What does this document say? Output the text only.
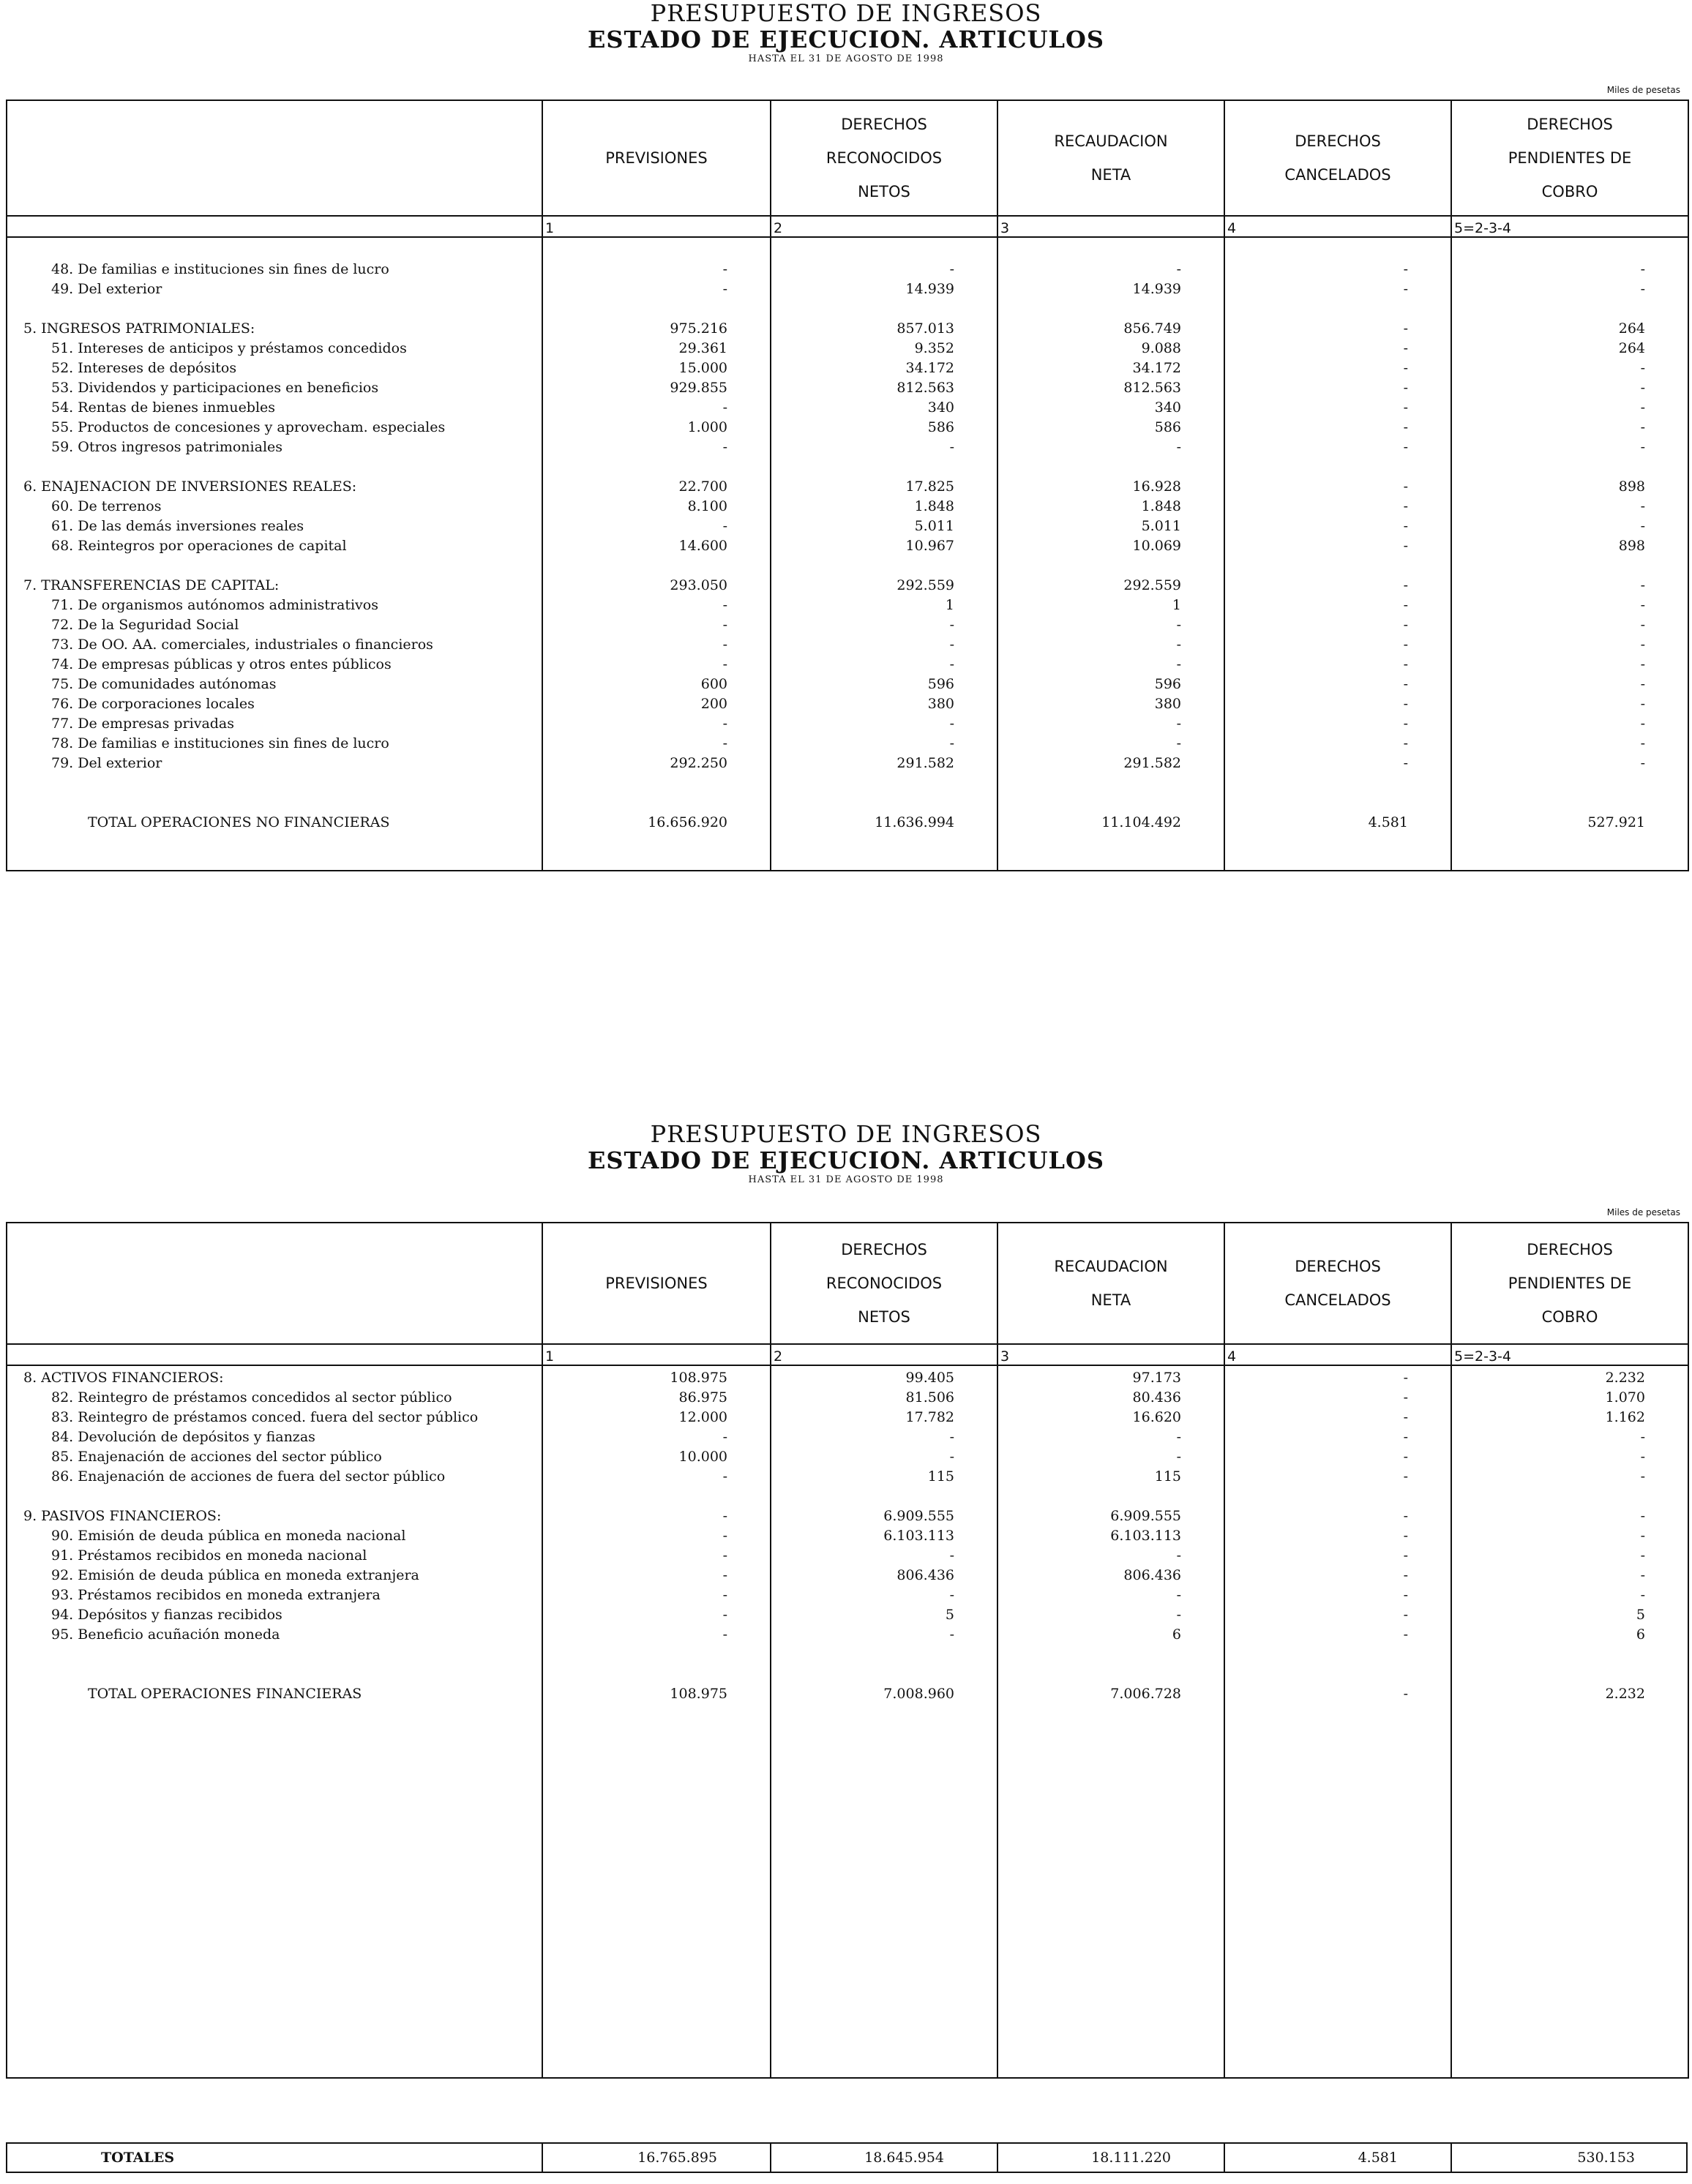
PRESUPUESTO DE INGRESOS
ESTADO DE EJECUCION. ARTICULOS
HASTA EL 31 DE AGOSTO DE 1998
Miles de pesetas
	PREVISIONES	DERECHOS RECONOCIDOS NETOS	RECAUDACION NETA	DERECHOS CANCELADOS	DERECHOS PENDIENTES DE COBRO

	1	2	3	4	5=2-3-4

48. De familias e instituciones sin fines de lucro	-	-	-	-	-
49. Del exterior	-	14.939	14.939	-	-

5. INGRESOS PATRIMONIALES:	975.216	857.013	856.749	-	264
51. Intereses de anticipos y préstamos concedidos	29.361	9.352	9.088	-	264
52. Intereses de depósitos	15.000	34.172	34.172	-	-
53. Dividendos y participaciones en beneficios	929.855	812.563	812.563	-	-
54. Rentas de bienes inmuebles	-	340	340	-	-
55. Productos de concesiones y aprovecham. especiales	1.000	586	586	-	-
59. Otros ingresos patrimoniales	-	-	-	-	-

6. ENAJENACION DE INVERSIONES REALES:	22.700	17.825	16.928	-	898
60. De terrenos	8.100	1.848	1.848	-	-
61. De las demás inversiones reales	-	5.011	5.011	-	-
68. Reintegros por operaciones de capital	14.600	10.967	10.069	-	898

7. TRANSFERENCIAS DE CAPITAL:	293.050	292.559	292.559	-	-
71. De organismos autónomos administrativos	-	1	1	-	-
72. De la Seguridad Social	-	-	-	-	-
73. De OO. AA. comerciales, industriales o financieros	-	-	-	-	-
74. De empresas públicas y otros entes públicos	-	-	-	-	-
75. De comunidades autónomas	600	596	596	-	-
76. De corporaciones locales	200	380	380	-	-
77. De empresas privadas	-	-	-	-	-
78. De familias e instituciones sin fines de lucro	-	-	-	-	-
79. Del exterior	292.250	291.582	291.582	-	-

TOTAL OPERACIONES NO FINANCIERAS	16.656.920	11.636.994	11.104.492	4.581	527.921

PRESUPUESTO DE INGRESOS
ESTADO DE EJECUCION. ARTICULOS
HASTA EL 31 DE AGOSTO DE 1998
Miles de pesetas
	PREVISIONES	DERECHOS RECONOCIDOS NETOS	RECAUDACION NETA	DERECHOS CANCELADOS	DERECHOS PENDIENTES DE COBRO

	1	2	3	4	5=2-3-4
8. ACTIVOS FINANCIEROS:	108.975	99.405	97.173	-	2.232
82. Reintegro de préstamos concedidos al sector público	86.975	81.506	80.436	-	1.070
83. Reintegro de préstamos conced. fuera del sector público	12.000	17.782	16.620	-	1.162
84. Devolución de depósitos y fianzas	-	-	-	-	-
85. Enajenación de acciones del sector público	10.000	-	-	-	-
86. Enajenación de acciones de fuera del sector público	-	115	115	-	-

9. PASIVOS FINANCIEROS:	-	6.909.555	6.909.555	-	-
90. Emisión de deuda pública en moneda nacional	-	6.103.113	6.103.113	-	-
91. Préstamos recibidos en moneda nacional	-	-	-	-	-
92. Emisión de deuda pública en moneda extranjera	-	806.436	806.436	-	-
93. Préstamos recibidos en moneda extranjera	-	-	-	-	-
94. Depósitos y fianzas recibidos	-	5	-	-	5
95. Beneficio acuñación moneda	-	-	6	-	6

TOTAL OPERACIONES FINANCIERAS	108.975	7.008.960	7.006.728	-	2.232

TOTALES	16.765.895	18.645.954	18.111.220	4.581	530.153
